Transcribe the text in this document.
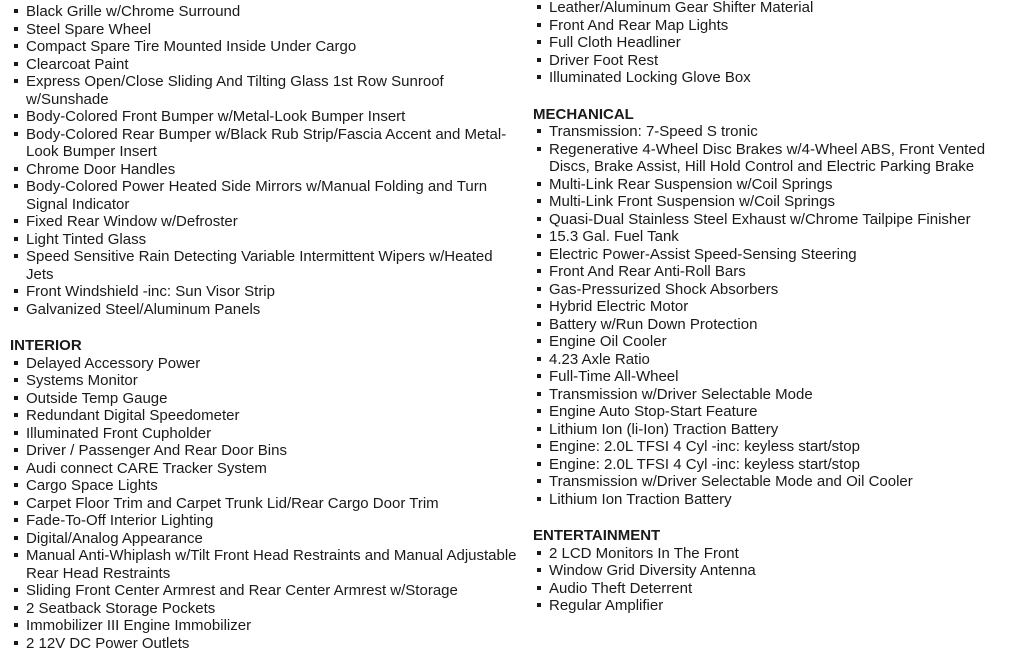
Black Grille w/Chrome Surround
Steel Spare Wheel
Compact Spare Tire Mounted Inside Under Cargo
Clearcoat Paint
Express Open/Close Sliding And Tilting Glass 1st Row Sunroof w/Sunshade
Body-Colored Front Bumper w/Metal-Look Bumper Insert
Body-Colored Rear Bumper w/Black Rub Strip/Fascia Accent and Metal-Look Bumper Insert
Chrome Door Handles
Body-Colored Power Heated Side Mirrors w/Manual Folding and Turn Signal Indicator
Fixed Rear Window w/Defroster
Light Tinted Glass
Speed Sensitive Rain Detecting Variable Intermittent Wipers w/Heated Jets
Front Windshield -inc: Sun Visor Strip
Galvanized Steel/Aluminum Panels
INTERIOR
Delayed Accessory Power
Systems Monitor
Outside Temp Gauge
Redundant Digital Speedometer
Illuminated Front Cupholder
Driver / Passenger And Rear Door Bins
Audi connect CARE Tracker System
Cargo Space Lights
Carpet Floor Trim and Carpet Trunk Lid/Rear Cargo Door Trim
Fade-To-Off Interior Lighting
Digital/Analog Appearance
Manual Anti-Whiplash w/Tilt Front Head Restraints and Manual Adjustable Rear Head Restraints
Sliding Front Center Armrest and Rear Center Armrest w/Storage
2 Seatback Storage Pockets
Immobilizer III Engine Immobilizer
2 12V DC Power Outlets
Leather/Aluminum Gear Shifter Material
Front And Rear Map Lights
Full Cloth Headliner
Driver Foot Rest
Illuminated Locking Glove Box
MECHANICAL
Transmission: 7-Speed S tronic
Regenerative 4-Wheel Disc Brakes w/4-Wheel ABS, Front Vented Discs, Brake Assist, Hill Hold Control and Electric Parking Brake
Multi-Link Rear Suspension w/Coil Springs
Multi-Link Front Suspension w/Coil Springs
Quasi-Dual Stainless Steel Exhaust w/Chrome Tailpipe Finisher
15.3 Gal. Fuel Tank
Electric Power-Assist Speed-Sensing Steering
Front And Rear Anti-Roll Bars
Gas-Pressurized Shock Absorbers
Hybrid Electric Motor
Battery w/Run Down Protection
Engine Oil Cooler
4.23 Axle Ratio
Full-Time All-Wheel
Transmission w/Driver Selectable Mode
Engine Auto Stop-Start Feature
Lithium Ion (li-Ion) Traction Battery
Engine: 2.0L TFSI 4 Cyl -inc: keyless start/stop
Engine: 2.0L TFSI 4 Cyl -inc: keyless start/stop
Transmission w/Driver Selectable Mode and Oil Cooler
Lithium Ion Traction Battery
ENTERTAINMENT
2 LCD Monitors In The Front
Window Grid Diversity Antenna
Audio Theft Deterrent
Regular Amplifier
